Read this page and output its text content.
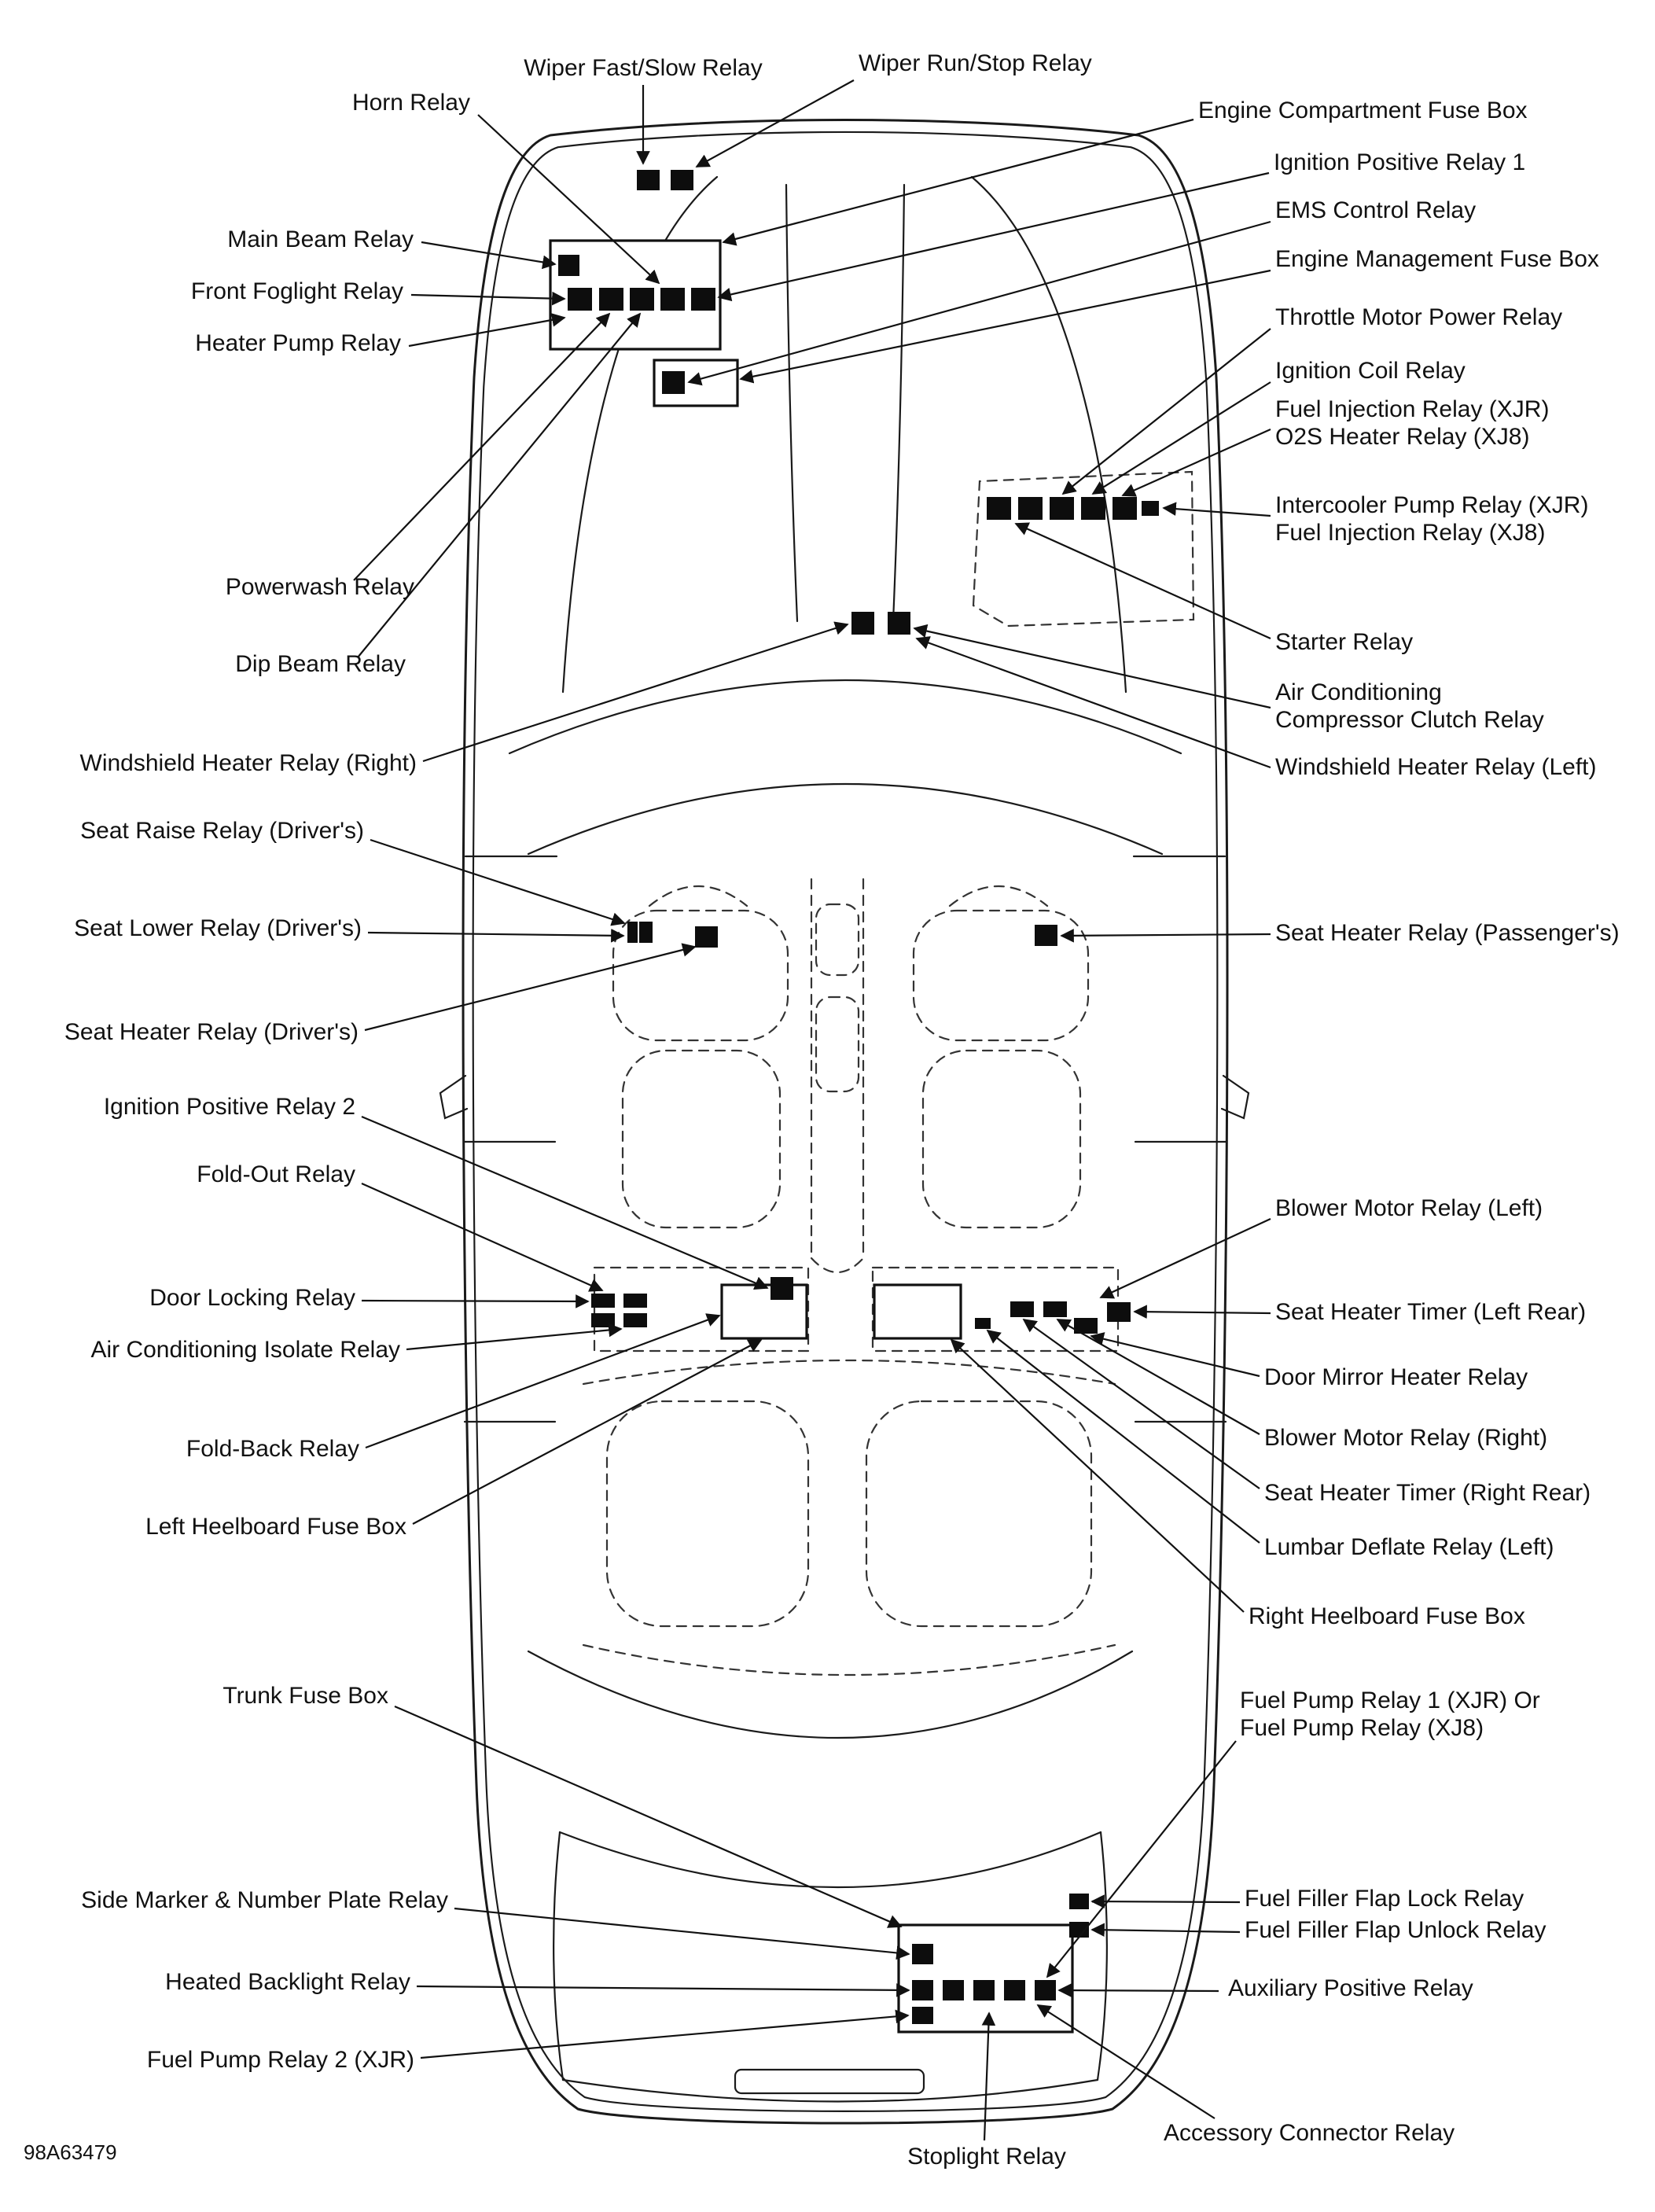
Wiper Fast/Slow Relay	Wiper Run/Stop Relay
Horn Relay
Main Beam Relay
Front Foglight Relay
Heater Pump Relay
Powerwash Relay
Dip Beam Relay
Windshield Heater Relay (Right)
Seat Raise Relay (Driver's)
Seat Lower Relay (Driver's)
Seat Heater Relay (Driver's)
Ignition Positive Relay 2
Fold-Out Relay
Door Locking Relay
Air Conditioning Isolate Relay
Fold-Back Relay
Left Heelboard Fuse Box
Trunk Fuse Box
Side Marker & Number Plate Relay
Heated Backlight Relay
Fuel Pump Relay 2 (XJR)
Engine Compartment Fuse Box
Ignition Positive Relay 1
EMS Control Relay
Engine Management Fuse Box
Throttle Motor Power Relay
Ignition Coil Relay
Fuel Injection Relay (XJR)
O2S Heater Relay (XJ8)
Intercooler Pump Relay (XJR)
Fuel Injection Relay (XJ8)
Starter Relay
Air Conditioning
Compressor Clutch Relay
Windshield Heater Relay (Left)
Seat Heater Relay (Passenger's)
Blower Motor Relay (Left)
Seat Heater Timer (Left Rear)
Door Mirror Heater Relay
Blower Motor Relay (Right)
Seat Heater Timer (Right Rear)
Lumbar Deflate Relay (Left)
Right Heelboard Fuse Box
Fuel Pump Relay 1 (XJR) Or
Fuel Pump Relay (XJ8)
Fuel Filler Flap Lock Relay
Fuel Filler Flap Unlock Relay
Auxiliary Positive Relay
Accessory Connector Relay
Stoplight Relay
98A63479
